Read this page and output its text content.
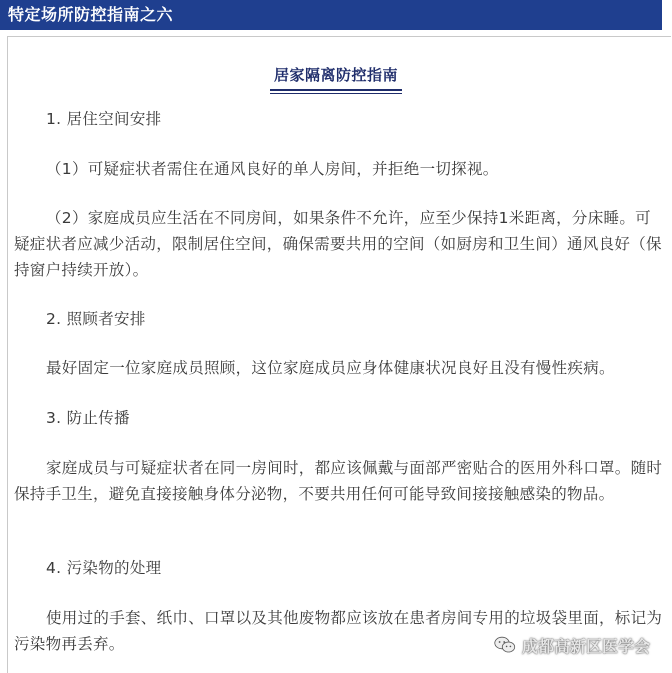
特定场所防控指南之六
居家隔离防控指南
1. 居住空间安排
（1）可疑症状者需住在通风良好的单人房间，并拒绝一切探视。
（2）家庭成员应生活在不同房间，如果条件不允许，应至少保持1米距离，分床睡。可疑症状者应减少活动，限制居住空间，确保需要共用的空间（如厨房和卫生间）通风良好（保持窗户持续开放）。
2. 照顾者安排
最好固定一位家庭成员照顾，这位家庭成员应身体健康状况良好且没有慢性疾病。
3. 防止传播
家庭成员与可疑症状者在同一房间时，都应该佩戴与面部严密贴合的医用外科口罩。随时保持手卫生，避免直接接触身体分泌物，不要共用任何可能导致间接接触感染的物品。
4. 污染物的处理
使用过的手套、纸巾、口罩以及其他废物都应该放在患者房间专用的垃圾袋里面，标记为污染物再丢弃。	成都高新区医学会
